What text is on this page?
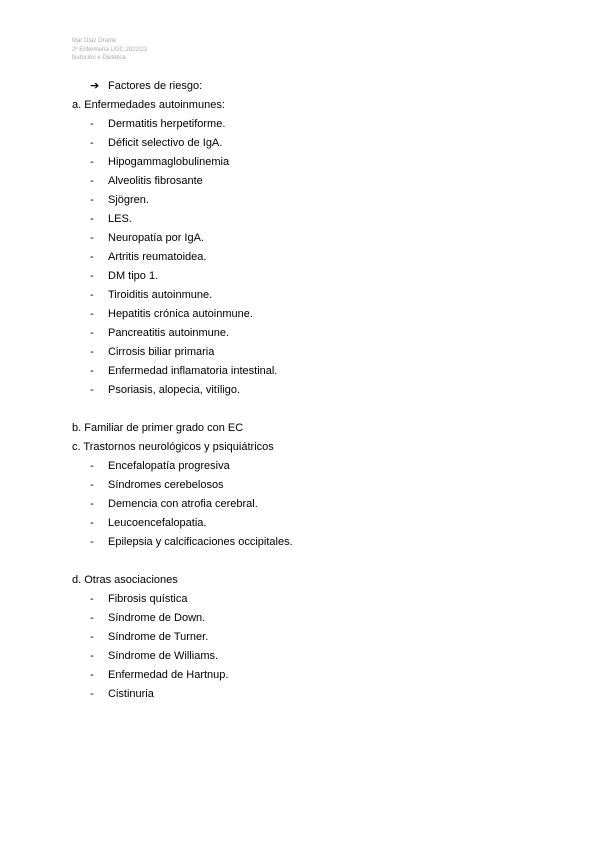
Mar Díaz Orante
2º Enfermería UGC 2022/23
Nutrición e Dietética
➔ Factores de riesgo:
a. Enfermedades autoinmunes:
- Dermatitis herpetiforme.
- Déficit selectivo de IgA.
- Hipogammaglobulinemia
- Alveolitis fibrosante
- Sjögren.
- LES.
- Neuropatía por IgA.
- Artritis reumatoidea.
- DM tipo 1.
- Tiroiditis autoinmune.
- Hepatitis crónica autoinmune.
- Pancreatitis autoinmune.
- Cirrosis biliar primaria
- Enfermedad inflamatoria intestinal.
- Psoriasis, alopecia, vitíligo.
b. Familiar de primer grado con EC
c. Trastornos neurológicos y psiquiátricos
- Encefalopatía progresiva
- Síndromes cerebelosos
- Demencia con atrofia cerebral.
- Leucoencefalopatia.
- Epilepsia y calcificaciones occipitales.
d. Otras asociaciones
- Fibrosis quística
- Síndrome de Down.
- Síndrome de Turner.
- Síndrome de Williams.
- Enfermedad de Hartnup.
- Cistinuria
